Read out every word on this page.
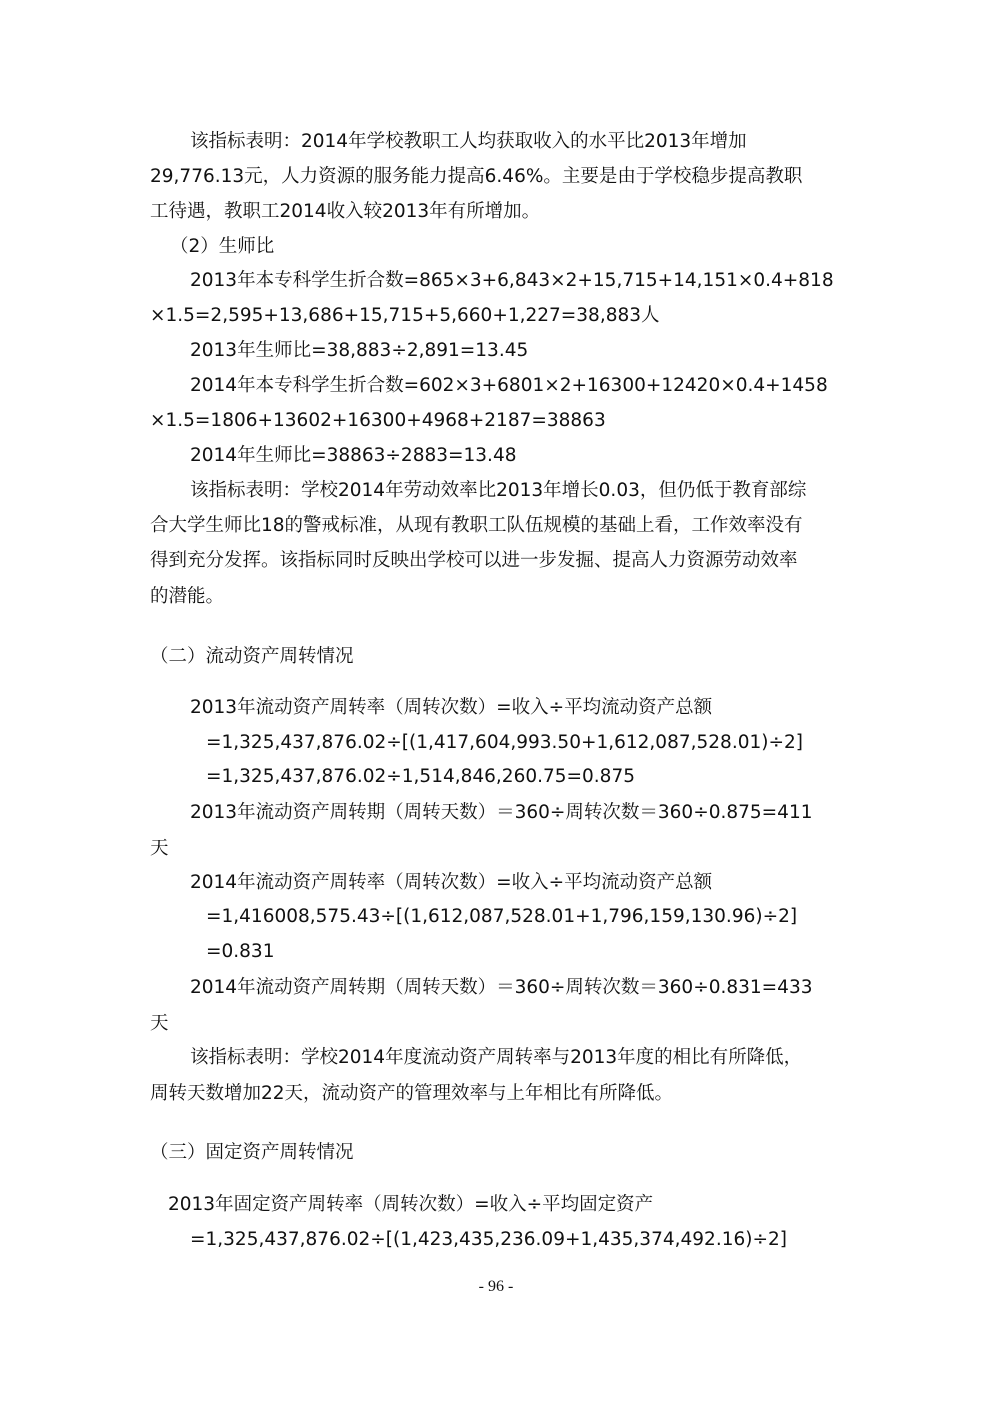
该指标表明：2014年学校教职工人均获取收入的水平比2013年增加
29,776.13元，人力资源的服务能力提高6.46%。主要是由于学校稳步提高教职
工待遇，教职工2014收入较2013年有所增加。
（2）生师比
2013年本专科学生折合数=865×3+6,843×2+15,715+14,151×0.4+818
×1.5=2,595+13,686+15,715+5,660+1,227=38,883人
2013年生师比=38,883÷2,891=13.45
2014年本专科学生折合数=602×3+6801×2+16300+12420×0.4+1458
×1.5=1806+13602+16300+4968+2187=38863
2014年生师比=38863÷2883=13.48
该指标表明：学校2014年劳动效率比2013年增长0.03，但仍低于教育部综
合大学生师比18的警戒标准，从现有教职工队伍规模的基础上看，工作效率没有
得到充分发挥。该指标同时反映出学校可以进一步发掘、提高人力资源劳动效率
的潜能。
（二）流动资产周转情况
2013年流动资产周转率（周转次数）=收入÷平均流动资产总额
=1,325,437,876.02÷[(1,417,604,993.50+1,612,087,528.01)÷2]
=1,325,437,876.02÷1,514,846,260.75=0.875
2013年流动资产周转期（周转天数）＝360÷周转次数＝360÷0.875=411
天
2014年流动资产周转率（周转次数）=收入÷平均流动资产总额
=1,416008,575.43÷[(1,612,087,528.01+1,796,159,130.96)÷2]
=0.831
2014年流动资产周转期（周转天数）＝360÷周转次数＝360÷0.831=433
天
该指标表明：学校2014年度流动资产周转率与2013年度的相比有所降低，
周转天数增加22天，流动资产的管理效率与上年相比有所降低。
（三）固定资产周转情况
2013年固定资产周转率（周转次数）=收入÷平均固定资产
=1,325,437,876.02÷[(1,423,435,236.09+1,435,374,492.16)÷2]
- 96 -
